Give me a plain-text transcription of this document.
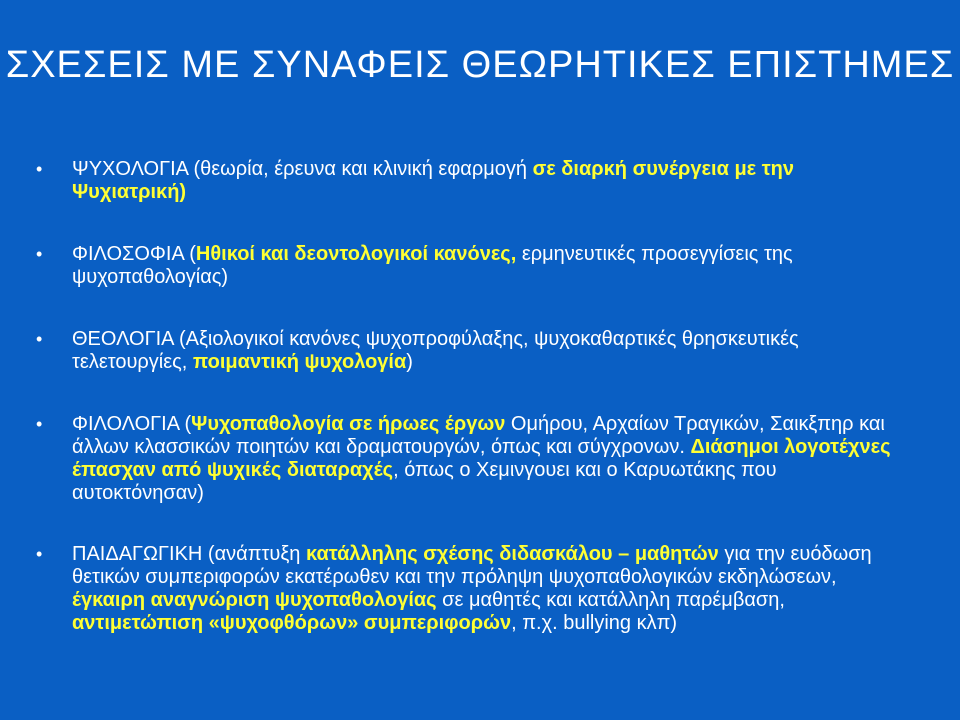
ΣΧΕΣΕΙΣ ΜΕ ΣΥΝΑΦΕΙΣ ΘΕΩΡΗΤΙΚΕΣ ΕΠΙΣΤΗΜΕΣ
• ΨΥΧΟΛΟΓΙΑ (θεωρία, έρευνα και κλινική εφαρμογή σε διαρκή συνέργεια με την Ψυχιατρική)
• ΦΙΛΟΣΟΦΙΑ (Ηθικοί και δεοντολογικοί κανόνες, ερμηνευτικές προσεγγίσεις της ψυχοπαθολογίας)
• ΘΕΟΛΟΓΙΑ (Αξιολογικοί κανόνες ψυχοπροφύλαξης, ψυχοκαθαρτικές θρησκευτικές τελετουργίες, ποιμαντική ψυχολογία)
• ΦΙΛΟΛΟΓΙΑ (Ψυχοπαθολογία σε ήρωες έργων Ομήρου, Αρχαίων Τραγικών, Σαικξπηρ και άλλων κλασσικών ποιητών και δραματουργών, όπως και σύγχρονων. Διάσημοι λογοτέχνες έπασχαν από ψυχικές διαταραχές, όπως ο Χεμινγουει και ο Καρυωτάκης που αυτοκτόνησαν)
• ΠΑΙΔΑΓΩΓΙΚΗ (ανάπτυξη κατάλληλης σχέσης διδασκάλου – μαθητών για την ευόδωση θετικών συμπεριφορών εκατέρωθεν και την πρόληψη ψυχοπαθολογικών εκδηλώσεων, έγκαιρη αναγνώριση ψυχοπαθολογίας σε μαθητές και κατάλληλη παρέμβαση, αντιμετώπιση «ψυχοφθόρων» συμπεριφορών, π.χ. bullying κλπ)
